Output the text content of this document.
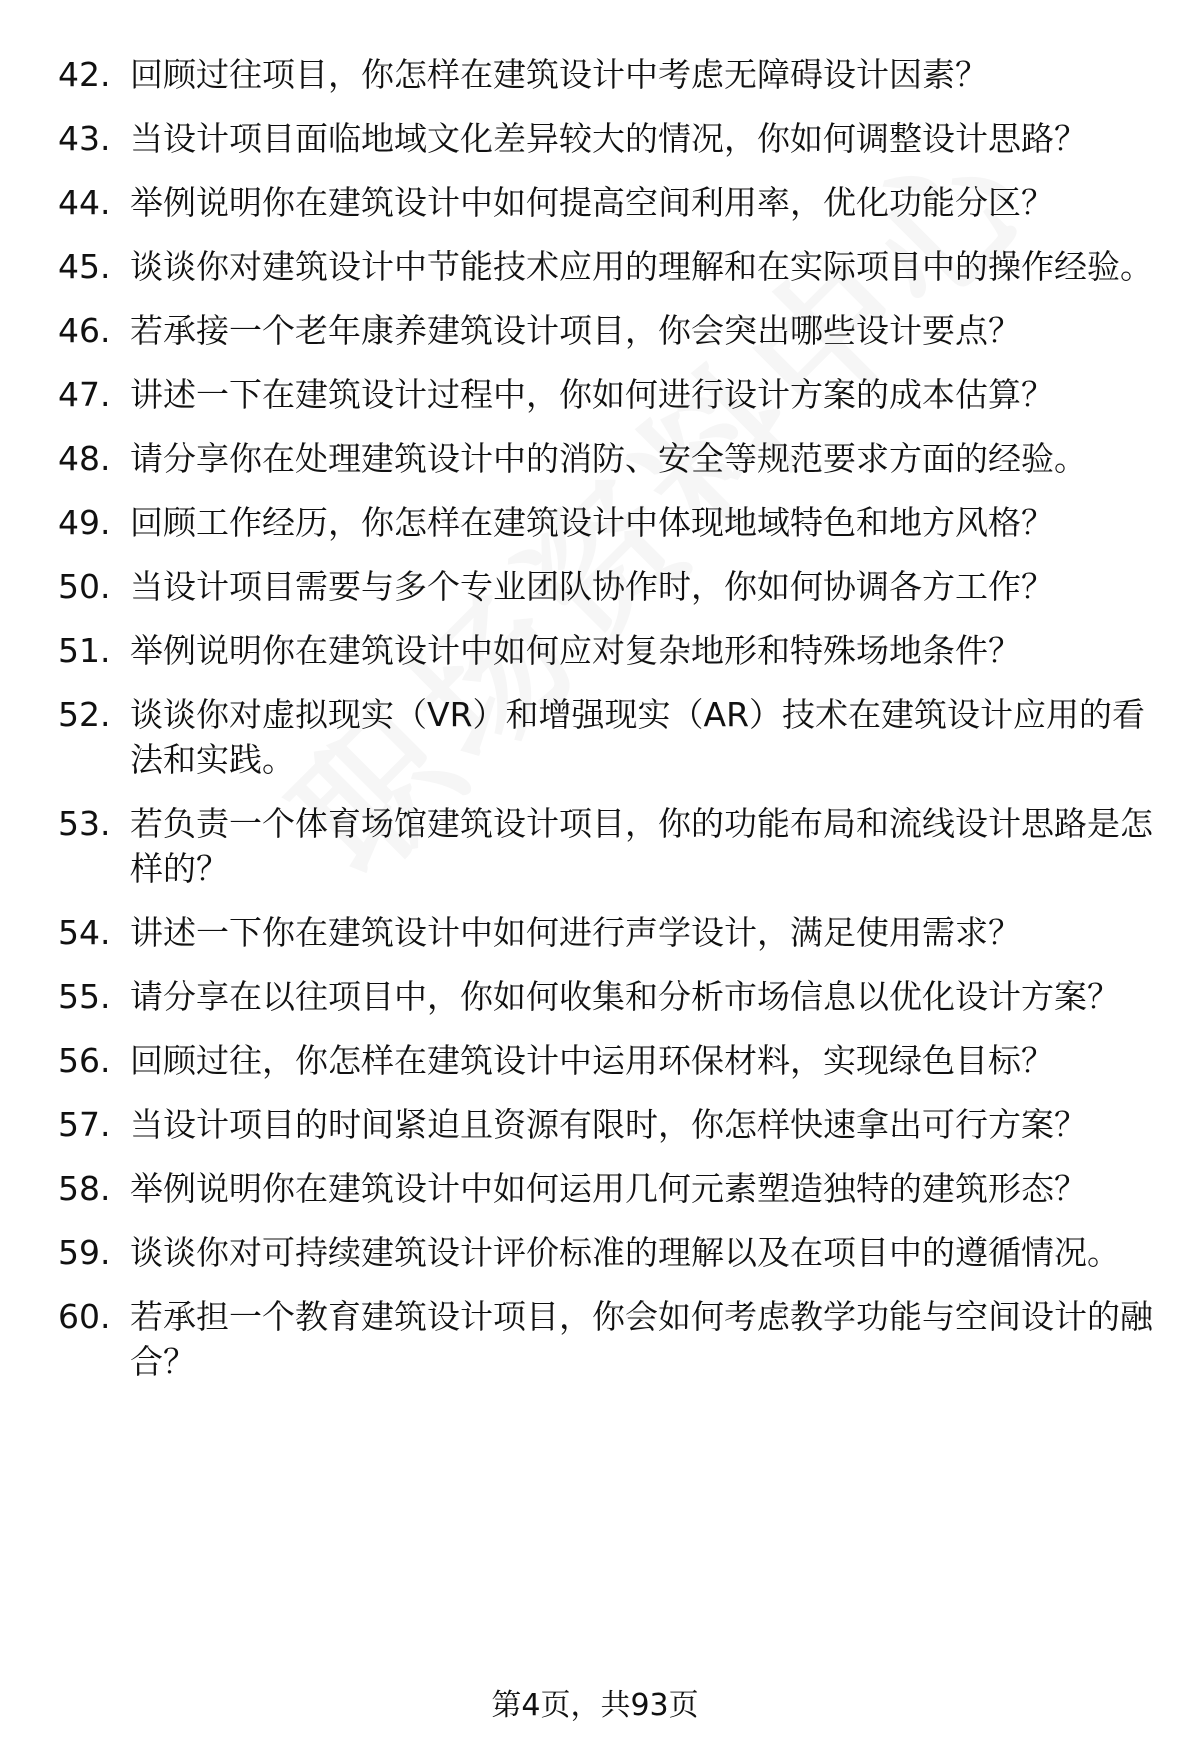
42. 回顾过往项目，你怎样在建筑设计中考虑无障碍设计因素？
43. 当设计项目面临地域文化差异较大的情况，你如何调整设计思路？
44. 举例说明你在建筑设计中如何提高空间利用率，优化功能分区？
45. 谈谈你对建筑设计中节能技术应用的理解和在实际项目中的操作经验。
46. 若承接一个老年康养建筑设计项目，你会突出哪些设计要点？
47. 讲述一下在建筑设计过程中，你如何进行设计方案的成本估算？
48. 请分享你在处理建筑设计中的消防、安全等规范要求方面的经验。
49. 回顾工作经历，你怎样在建筑设计中体现地域特色和地方风格？
50. 当设计项目需要与多个专业团队协作时，你如何协调各方工作？
51. 举例说明你在建筑设计中如何应对复杂地形和特殊场地条件？
52. 谈谈你对虚拟现实（VR）和增强现实（AR）技术在建筑设计应用的看法和实践。
53. 若负责一个体育场馆建筑设计项目，你的功能布局和流线设计思路是怎样的？
54. 讲述一下你在建筑设计中如何进行声学设计，满足使用需求？
55. 请分享在以往项目中，你如何收集和分析市场信息以优化设计方案？
56. 回顾过往，你怎样在建筑设计中运用环保材料，实现绿色目标？
57. 当设计项目的时间紧迫且资源有限时，你怎样快速拿出可行方案？
58. 举例说明你在建筑设计中如何运用几何元素塑造独特的建筑形态？
59. 谈谈你对可持续建筑设计评价标准的理解以及在项目中的遵循情况。
60. 若承担一个教育建筑设计项目，你会如何考虑教学功能与空间设计的融合？
第4页，共93页
